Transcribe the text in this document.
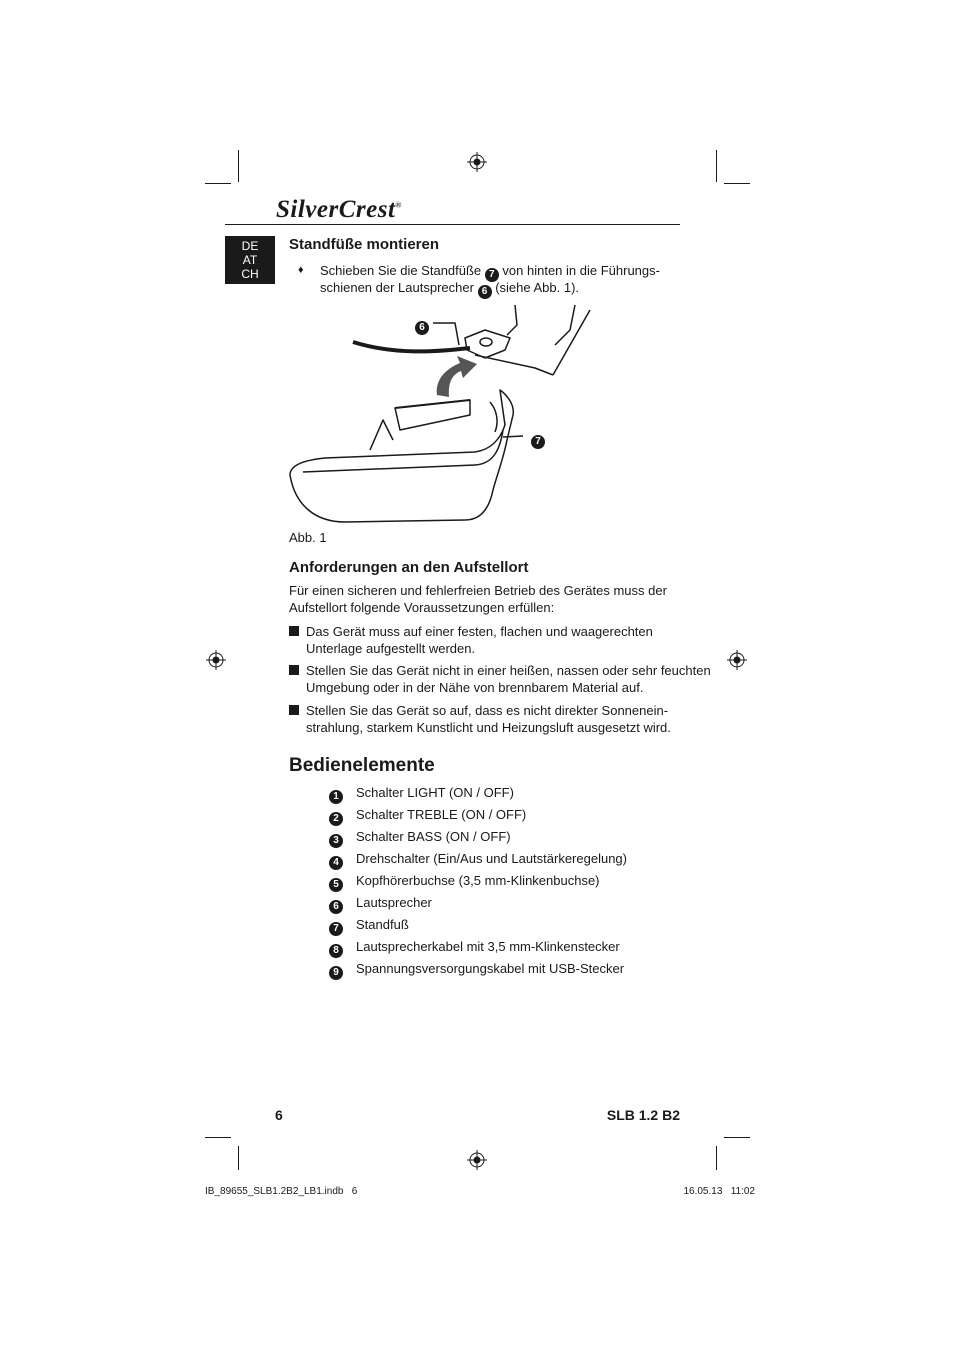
SilverCrest®
DE
AT
CH
Standfüße montieren
♦ Schieben Sie die Standfüße 7 von hinten in die Führungs-
schienen der Lautsprecher 6 (siehe Abb. 1).
6
7
Abb. 1
Anforderungen an den Aufstellort
Für einen sicheren und fehlerfreien Betrieb des Gerätes muss der
Aufstellort folgende Voraussetzungen erfüllen:
Das Gerät muss auf einer festen, flachen und waagerechten
Unterlage aufgestellt werden.
Stellen Sie das Gerät nicht in einer heißen, nassen oder sehr feuchten
Umgebung oder in der Nähe von brennbarem Material auf.
Stellen Sie das Gerät so auf, dass es nicht direkter Sonnenein-
strahlung, starkem Kunstlicht und Heizungsluft ausgesetzt wird.
Bedienelemente
1 Schalter LIGHT (ON / OFF)
2 Schalter TREBLE (ON / OFF)
3 Schalter BASS (ON / OFF)
4 Drehschalter (Ein/Aus und Lautstärkeregelung)
5 Kopfhörerbuchse (3,5 mm-Klinkenbuchse)
6 Lautsprecher
7 Standfuß
8 Lautsprecherkabel mit 3,5 mm-Klinkenstecker
9 Spannungsversorgungskabel mit USB-Stecker
6	SLB 1.2 B2
IB_89655_SLB1.2B2_LB1.indb   6	16.05.13   11:02
